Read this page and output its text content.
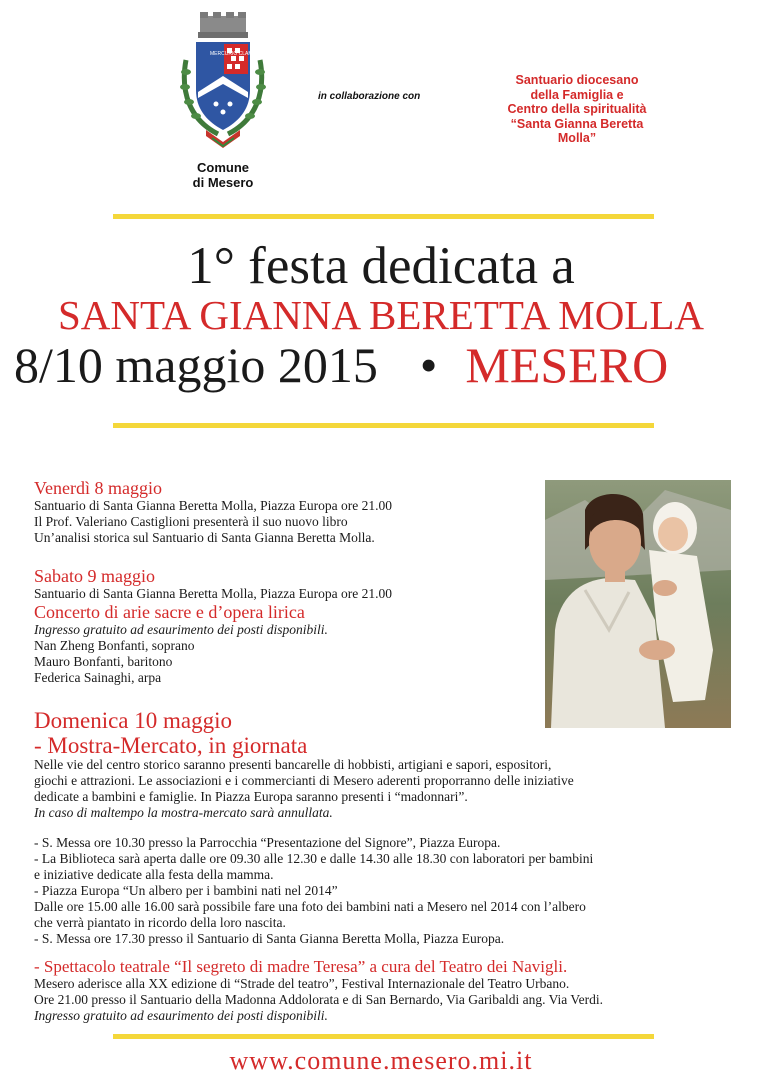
MERCURIO CLAMIUS PHOEB
Comune
di Mesero
in collaborazione con
Santuario diocesano
della Famiglia e
Centro della spiritualità
“Santa Gianna Beretta
Molla”
1° festa dedicata a
SANTA GIANNA BERETTA MOLLA
8/10 maggio 2015 • MESERO
Venerdì 8 maggio
Santuario di Santa Gianna Beretta Molla, Piazza Europa ore 21.00
Il Prof. Valeriano Castiglioni presenterà il suo nuovo libro
Un’analisi storica sul Santuario di Santa Gianna Beretta Molla.
Sabato 9 maggio
Santuario di Santa Gianna Beretta Molla, Piazza Europa ore 21.00
Concerto di arie sacre e d’opera lirica
Ingresso gratuito ad esaurimento dei posti disponibili.
Nan Zheng Bonfanti, soprano
Mauro Bonfanti, baritono
Federica Sainaghi, arpa
Domenica 10 maggio
- Mostra-Mercato, in giornata
Nelle vie del centro storico saranno presenti bancarelle di hobbisti, artigiani e sapori, espositori,
giochi e attrazioni. Le associazioni e i commercianti di Mesero aderenti proporranno delle iniziative
dedicate a bambini e famiglie. In Piazza Europa saranno presenti i “madonnari”.
In caso di maltempo la mostra-mercato sarà annullata.
- S. Messa ore 10.30 presso la Parrocchia “Presentazione del Signore”, Piazza Europa.
- La Biblioteca sarà aperta dalle ore 09.30 alle 12.30 e dalle 14.30 alle 18.30 con laboratori per bambini
e iniziative dedicate alla festa della mamma.
- Piazza Europa “Un albero per i bambini nati nel 2014”
Dalle ore 15.00 alle 16.00 sarà possibile fare una foto dei bambini nati a Mesero nel 2014 con l’albero
che verrà piantato in ricordo della loro nascita.
- S. Messa ore 17.30 presso il Santuario di Santa Gianna Beretta Molla, Piazza Europa.
- Spettacolo teatrale “Il segreto di madre Teresa” a cura del Teatro dei Navigli.
Mesero aderisce alla XX edizione di “Strade del teatro”, Festival Internazionale del Teatro Urbano.
Ore 21.00 presso il Santuario della Madonna Addolorata e di San Bernardo, Via Garibaldi ang. Via Verdi.
Ingresso gratuito ad esaurimento dei posti disponibili.
www.comune.mesero.mi.it
